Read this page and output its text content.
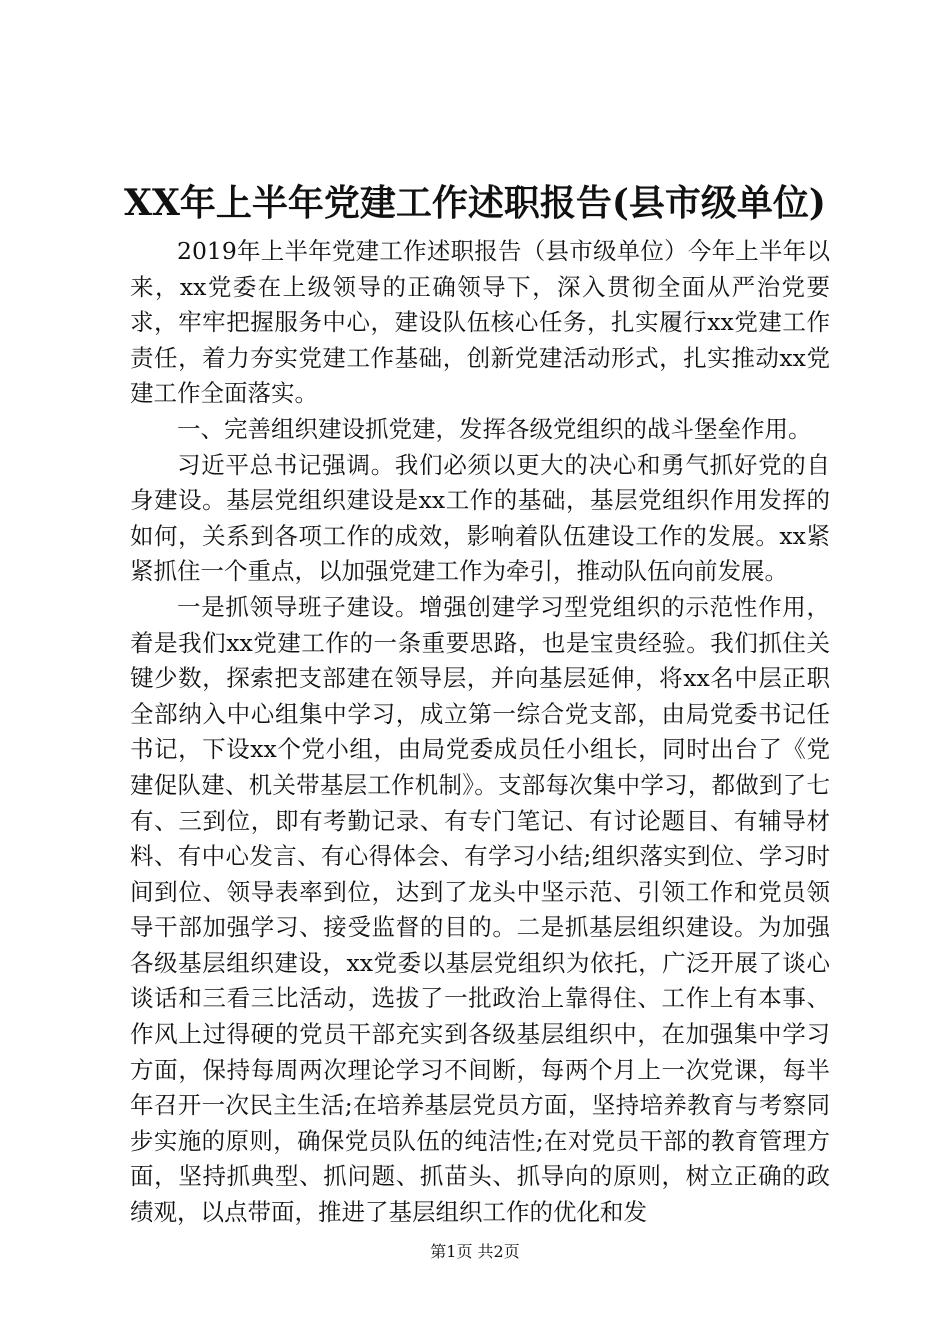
XX年上半年党建工作述职报告(县市级单位)

2019年上半年党建工作述职报告（县市级单位）今年上半年以来，xx党委在上级领导的正确领导下，深入贯彻全面从严治党要求，牢牢把握服务中心，建设队伍核心任务，扎实履行xx党建工作责任，着力夯实党建工作基础，创新党建活动形式，扎实推动xx党建工作全面落实。

一、完善组织建设抓党建，发挥各级党组织的战斗堡垒作用。

习近平总书记强调。我们必须以更大的决心和勇气抓好党的自身建设。基层党组织建设是xx工作的基础，基层党组织作用发挥的如何，关系到各项工作的成效，影响着队伍建设工作的发展。xx紧紧抓住一个重点，以加强党建工作为牵引，推动队伍向前发展。

一是抓领导班子建设。增强创建学习型党组织的示范性作用，着是我们xx党建工作的一条重要思路，也是宝贵经验。我们抓住关键少数，探索把支部建在领导层，并向基层延伸，将xx名中层正职全部纳入中心组集中学习，成立第一综合党支部，由局党委书记任书记，下设xx个党小组，由局党委成员任小组长，同时出台了《党建促队建、机关带基层工作机制》。支部每次集中学习，都做到了七有、三到位，即有考勤记录、有专门笔记、有讨论题目、有辅导材料、有中心发言、有心得体会、有学习小结;组织落实到位、学习时间到位、领导表率到位，达到了龙头中坚示范、引领工作和党员领导干部加强学习、接受监督的目的。二是抓基层组织建设。为加强各级基层组织建设，xx党委以基层党组织为依托，广泛开展了谈心谈话和三看三比活动，选拔了一批政治上靠得住、工作上有本事、作风上过得硬的党员干部充实到各级基层组织中，在加强集中学习方面，保持每周两次理论学习不间断，每两个月上一次党课，每半年召开一次民主生活;在培养基层党员方面，坚持培养教育与考察同步实施的原则，确保党员队伍的纯洁性;在对党员干部的教育管理方面，坚持抓典型、抓问题、抓苗头、抓导向的原则，树立正确的政绩观，以点带面，推进了基层组织工作的优化和发

第1页 共2页
